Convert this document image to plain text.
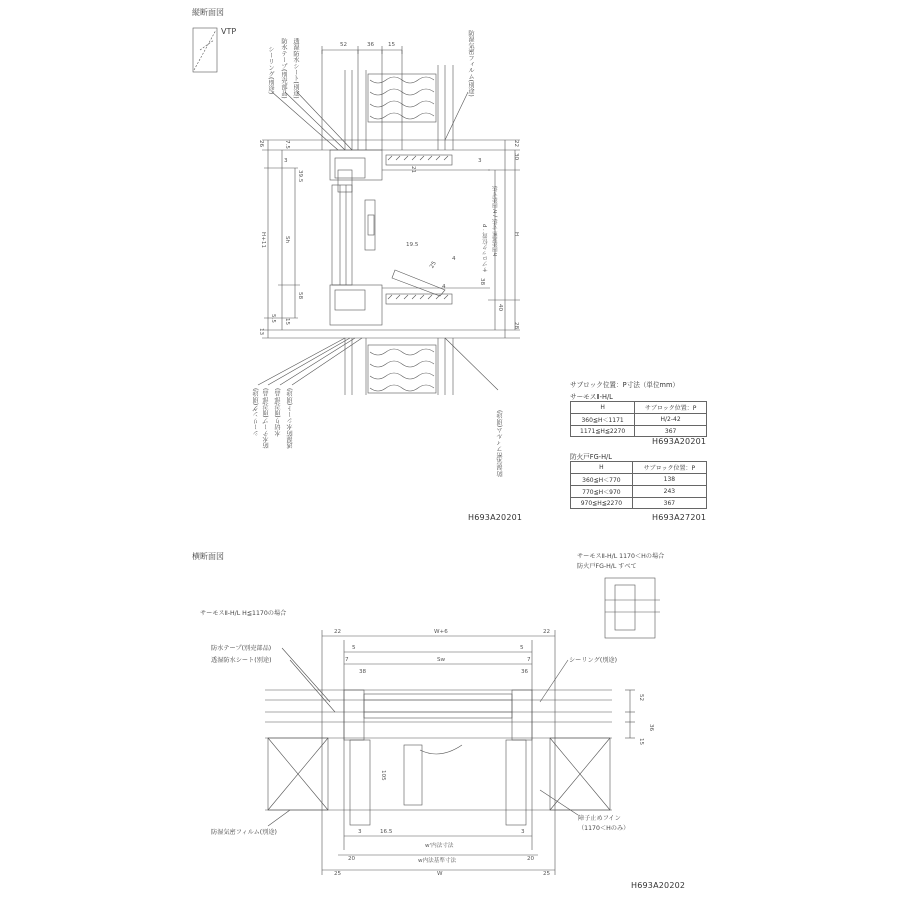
縦断面図
VTP
シーリング(別途) 防水テープ(別売部品) 透湿防水シート(別途)	防湿気密フィルム(別途)
52	36 15
26	7.5
3
39.5
H+11	Sh
58
5.5 15
13
22
30
3
H
40
28
21
19.5
25
4
4
38
サブロック位置：P h内法基準寸法 / h'内法寸法
シーリング(別途) 防水テープ(別売部品) 水切り(別売部品) 透湿防水シート(別途)	防湿気密フィルム(別途)
H693A20201
サブロック位置：P寸法（単位mm）
サーモスⅡ-H/L
H	サブロック位置：P
360≦H＜1171	H/2-42
1171≦H≦2270	367
H693A20201
防火戸FG-H/L
H	サブロック位置：P
360≦H＜770	138
770≦H＜970	243
970≦H≦2270	367
H693A27201
横断面図	サーモスⅡ-H/L 1170＜Hの場合
防火戸FG-H/L すべて
サーモスⅡ-H/L H≦1170の場合
防水テープ(別売部品)
透湿防水シート(別途)
防湿気密フィルム(別途)
シーリング(別途)
障子止めフイン
（1170＜Hのみ）
22	W+6	22
5	5
7	Sw	7
38	36
52
15
36
105
3	16.5
w'内法寸法
3
20	w内法基準寸法	20
25	W	25
H693A20202
